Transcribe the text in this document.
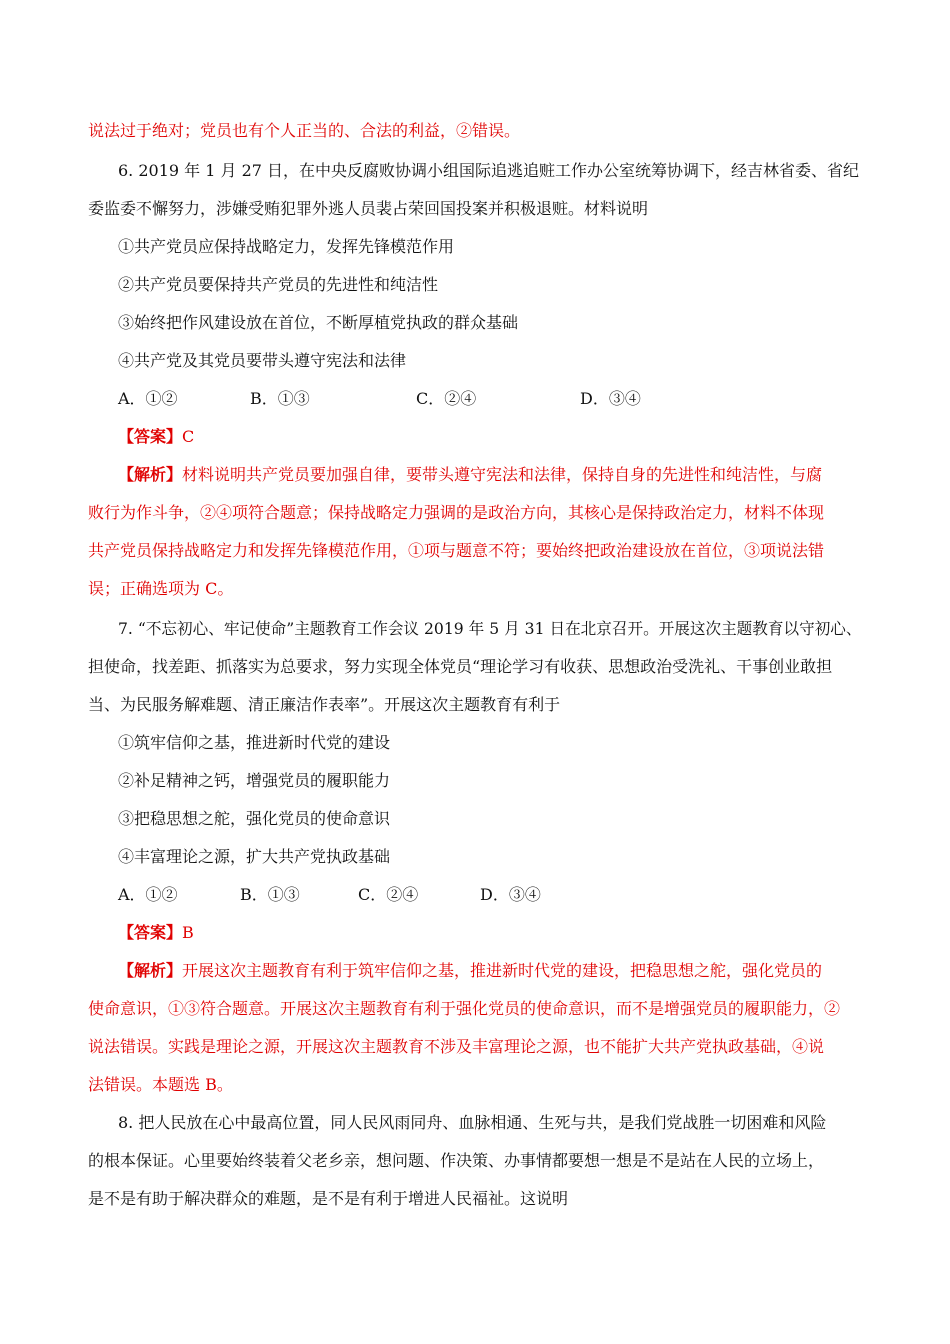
说法过于绝对；党员也有个人正当的、合法的利益，②错误。
6. 2019 年 1 月 27 日，在中央反腐败协调小组国际追逃追赃工作办公室统筹协调下，经吉林省委、省纪
委监委不懈努力，涉嫌受贿犯罪外逃人员裴占荣回国投案并积极退赃。材料说明
①共产党员应保持战略定力，发挥先锋模范作用
②共产党员要保持共产党员的先进性和纯洁性
③始终把作风建设放在首位，不断厚植党执政的群众基础
④共产党及其党员要带头遵守宪法和法律
A．①②	B．①③	C．②④	D．③④
【答案】C
【解析】材料说明共产党员要加强自律，要带头遵守宪法和法律，保持自身的先进性和纯洁性，与腐
败行为作斗争，②④项符合题意；保持战略定力强调的是政治方向，其核心是保持政治定力，材料不体现
共产党员保持战略定力和发挥先锋模范作用，①项与题意不符；要始终把政治建设放在首位，③项说法错
误；正确选项为 C。
7. “不忘初心、牢记使命”主题教育工作会议 2019 年 5 月 31 日在北京召开。开展这次主题教育以守初心、
担使命，找差距、抓落实为总要求，努力实现全体党员“理论学习有收获、思想政治受洗礼、干事创业敢担
当、为民服务解难题、清正廉洁作表率”。开展这次主题教育有利于
①筑牢信仰之基，推进新时代党的建设
②补足精神之钙，增强党员的履职能力
③把稳思想之舵，强化党员的使命意识
④丰富理论之源，扩大共产党执政基础
A．①②	B．①③	C．②④	D．③④
【答案】B
【解析】开展这次主题教育有利于筑牢信仰之基，推进新时代党的建设，把稳思想之舵，强化党员的
使命意识，①③符合题意。开展这次主题教育有利于强化党员的使命意识，而不是增强党员的履职能力，②
说法错误。实践是理论之源，开展这次主题教育不涉及丰富理论之源，也不能扩大共产党执政基础，④说
法错误。本题选 B。
8. 把人民放在心中最高位置，同人民风雨同舟、血脉相通、生死与共，是我们党战胜一切困难和风险
的根本保证。心里要始终装着父老乡亲，想问题、作决策、办事情都要想一想是不是站在人民的立场上，
是不是有助于解决群众的难题，是不是有利于增进人民福祉。这说明
